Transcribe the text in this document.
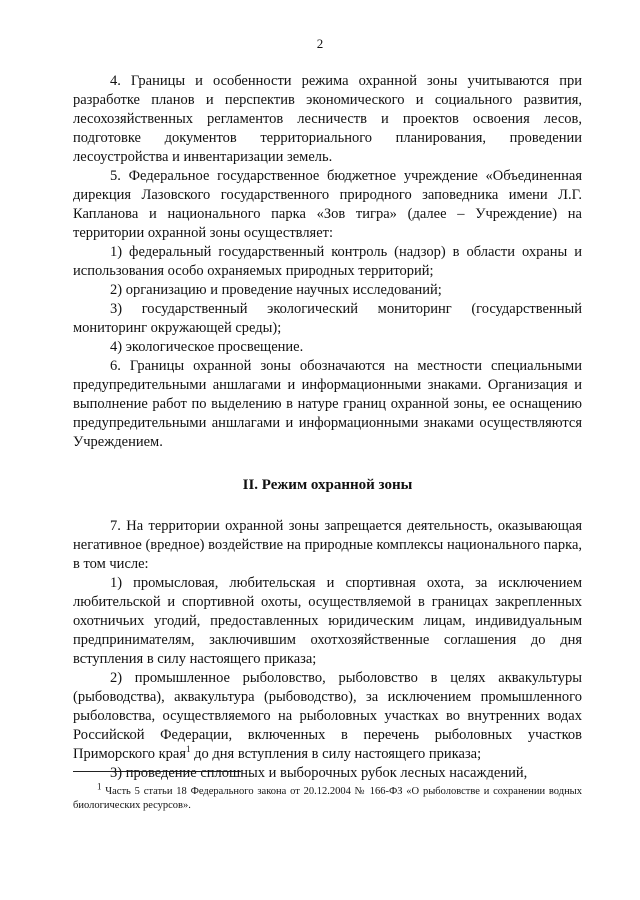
2

4. Границы и особенности режима охранной зоны учитываются при разработке планов и перспектив экономического и социального развития, лесохозяйственных регламентов лесничеств и проектов освоения лесов, подготовке документов территориального планирования, проведении лесоустройства и инвентаризации земель.

5. Федеральное государственное бюджетное учреждение «Объединенная дирекция Лазовского государственного природного заповедника имени Л.Г. Капланова и национального парка «Зов тигра» (далее – Учреждение) на территории охранной зоны осуществляет:

1) федеральный государственный контроль (надзор) в области охраны и использования особо охраняемых природных территорий;

2) организацию и проведение научных исследований;

3) государственный экологический мониторинг (государственный мониторинг окружающей среды);

4) экологическое просвещение.

6. Границы охранной зоны обозначаются на местности специальными предупредительными аншлагами и информационными знаками. Организация и выполнение работ по выделению в натуре границ охранной зоны, ее оснащению предупредительными аншлагами и информационными знаками осуществляются Учреждением.

II. Режим охранной зоны

7. На территории охранной зоны запрещается деятельность, оказывающая негативное (вредное) воздействие на природные комплексы национального парка, в том числе:

1) промысловая, любительская и спортивная охота, за исключением любительской и спортивной охоты, осуществляемой в границах закрепленных охотничьих угодий, предоставленных юридическим лицам, индивидуальным предпринимателям, заключившим охотхозяйственные соглашения до дня вступления в силу настоящего приказа;

2) промышленное рыболовство, рыболовство в целях аквакультуры (рыбоводства), аквакультура (рыбоводство), за исключением промышленного рыболовства, осуществляемого на рыболовных участках во внутренних водах Российской Федерации, включенных в перечень рыболовных участков Приморского края$^1$ до дня вступления в силу настоящего приказа;

3) проведение сплошных и выборочных рубок лесных насаждений,

$^1$ Часть 5 статьи 18 Федерального закона от 20.12.2004 № 166-ФЗ «О рыболовстве и сохранении водных биологических ресурсов».
